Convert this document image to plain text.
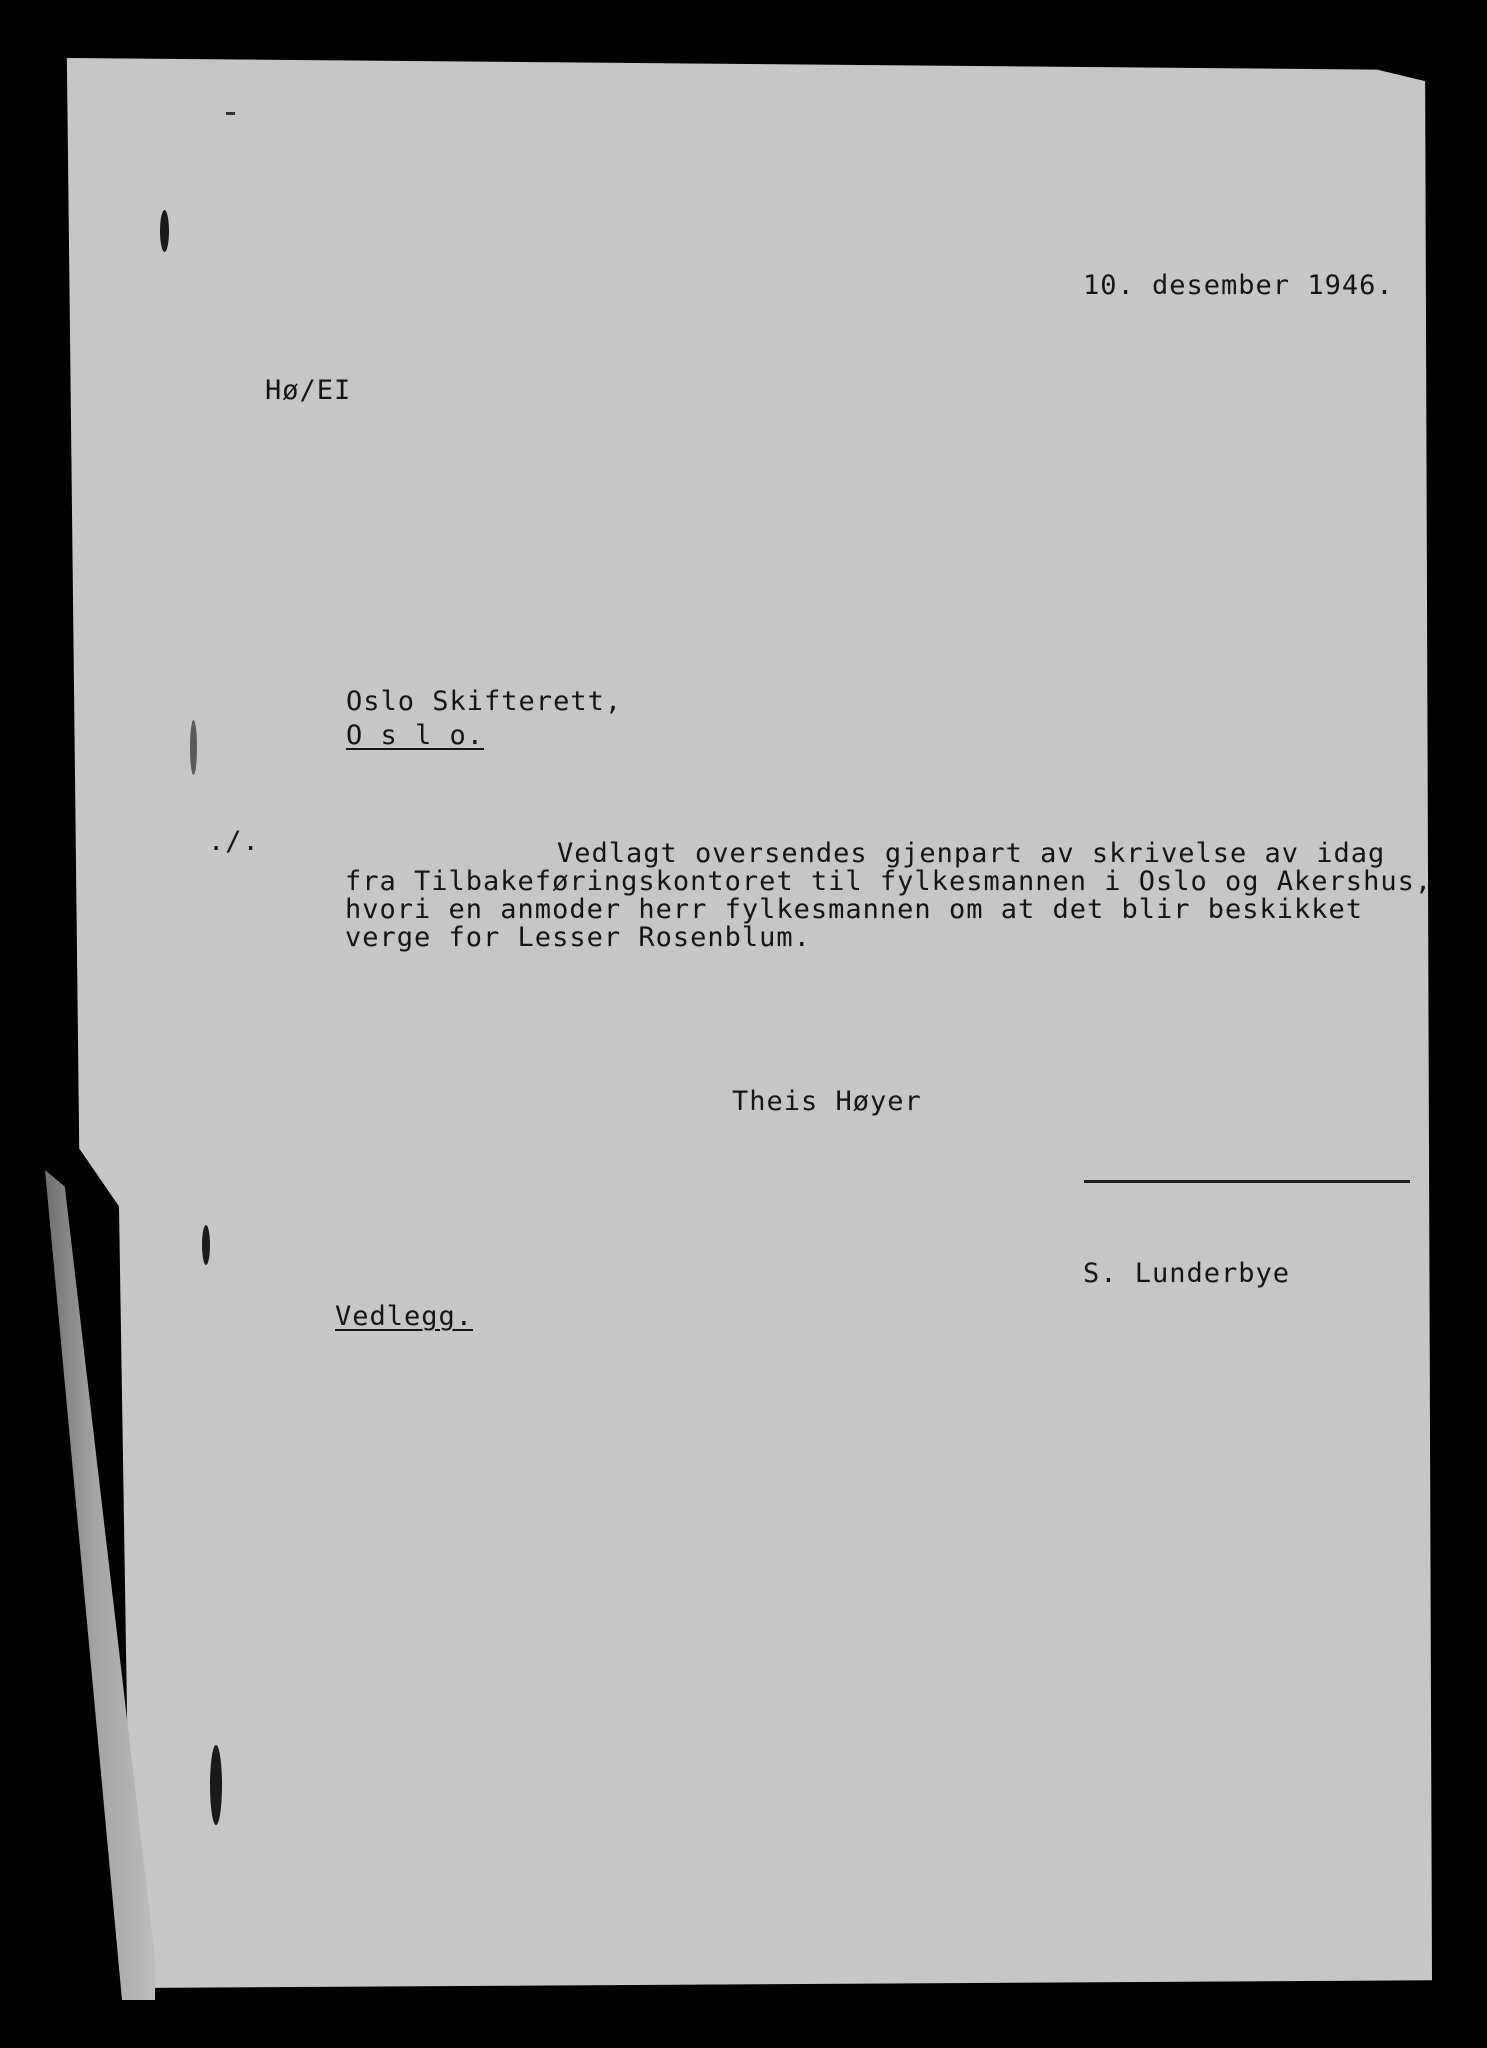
10. desember 1946.
Hø/EI
Oslo Skifterett,
O s l o.
./.	Vedlagt oversendes gjenpart av skrivelse av idag
fra Tilbakeføringskontoret til fylkesmannen i Oslo og Akershus,
hvori en anmoder herr fylkesmannen om at det blir beskikket
verge for Lesser Rosenblum.
Theis Høyer
S. Lunderbye
Vedlegg.
